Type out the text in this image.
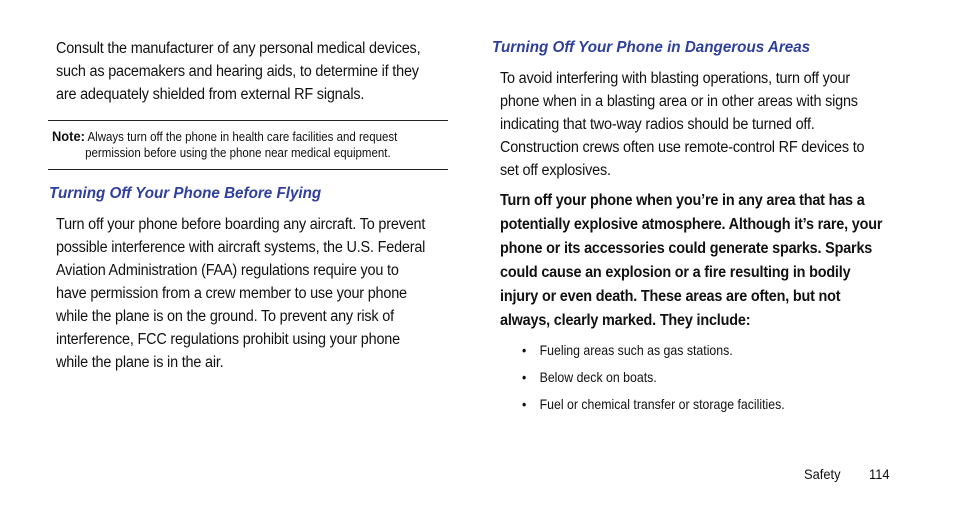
Consult the manufacturer of any personal medical devices,

such as pacemakers and hearing aids, to determine if they

are adequately shielded from external RF signals.

Note: Always turn off the phone in health care facilities and request
permission before using the phone near medical equipment.
Turning Off Your Phone Before Flying

Turn off your phone before boarding any aircraft. To prevent

possible interference with aircraft systems, the U.S. Federal

Aviation Administration (FAA) regulations require you to

have permission from a crew member to use your phone

while the plane is on the ground. To prevent any risk of

interference, FCC regulations prohibit using your phone

while the plane is in the air.

Turning Off Your Phone in Dangerous Areas

To avoid interfering with blasting operations, turn off your

phone when in a blasting area or in other areas with signs

indicating that two-way radios should be turned off.

Construction crews often use remote-control RF devices to

set off explosives.

Turn off your phone when you’re in any area that has a

potentially explosive atmosphere. Although it’s rare, your

phone or its accessories could generate sparks. Sparks

could cause an explosion or a fire resulting in bodily

injury or even death. These areas are often, but not

always, clearly marked. They include:

• Fueling areas such as gas stations.
• Below deck on boats.
• Fuel or chemical transfer or storage facilities.
Safety 114
